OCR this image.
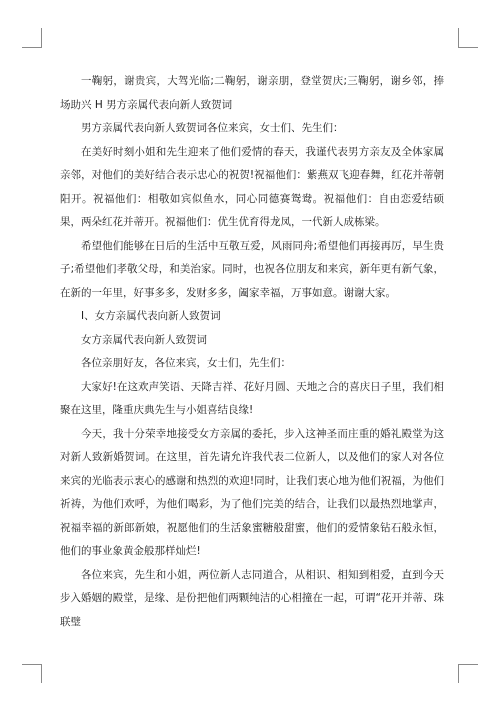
一鞠躬，谢贵宾，大驾光临;二鞠躬，谢亲朋，登堂贺庆;三鞠躬，谢乡邻，捧场助兴 H 男方亲属代表向新人致贺词

男方亲属代表向新人致贺词各位来宾，女士们、先生们：

在美好时刻小姐和先生迎来了他们爱情的春天，我谨代表男方亲友及全体家属亲邻，对他们的美好结合表示忠心的祝贺!祝福他们：紫燕双飞迎春舞，红花并蒂朝阳开。祝福他们：相敬如宾似鱼水，同心同德赛鸳鸯。祝福他们：自由恋爱结硕果，两朵红花并蒂开。祝福他们：优生优育得龙凤，一代新人成栋梁。

希望他们能够在日后的生活中互敬互爱，风雨同舟;希望他们再接再厉，早生贵子;希望他们孝敬父母，和美治家。同时，也祝各位朋友和来宾，新年更有新气象，在新的一年里，好事多多，发财多多，阖家幸福，万事如意。谢谢大家。

I、女方亲属代表向新人致贺词

女方亲属代表向新人致贺词

各位亲朋好友，各位来宾，女士们，先生们：

大家好!在这欢声笑语、天降吉祥、花好月圆、天地之合的喜庆日子里，我们相聚在这里，隆重庆典先生与小姐喜结良缘!

今天，我十分荣幸地接受女方亲属的委托，步入这神圣而庄重的婚礼殿堂为这对新人致新婚贺词。在这里，首先请允许我代表二位新人，以及他们的家人对各位来宾的光临表示衷心的感谢和热烈的欢迎!同时，让我们衷心地为他们祝福，为他们祈祷，为他们欢呼，为他们喝彩，为了他们完美的结合，让我们以最热烈地掌声，祝福幸福的新郎新娘，祝愿他们的生活象蜜糖般甜蜜，他们的爱情象钻石般永恒，他们的事业象黄金般那样灿烂!

各位来宾，先生和小姐，两位新人志同道合，从相识、相知到相爱，直到今天步入婚姻的殿堂，是缘、是份把他们两颗纯洁的心相撞在一起，可谓“花开并蒂、珠联璧
